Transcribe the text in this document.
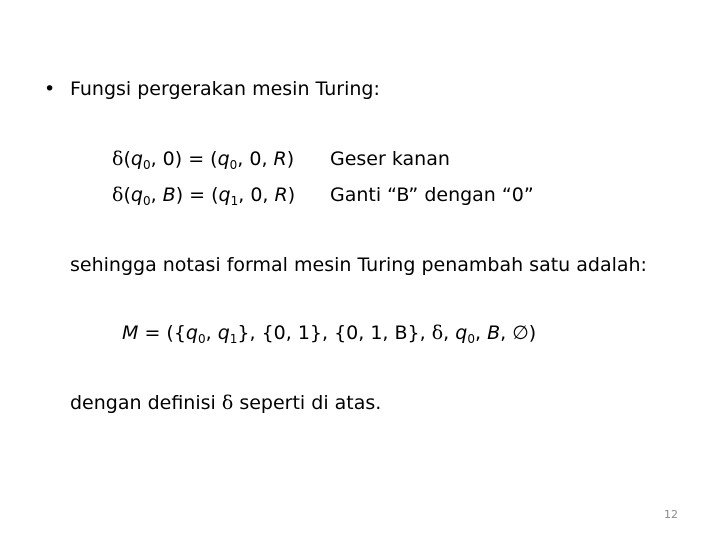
• Fungsi pergerakan mesin Turing:
$\delta(q_0$, $0) = (q_0$, 0, R) Geser kanan
$\delta(q_0$, $B) = (q_1$, 0, R) Ganti “B” dengan “0”
sehingga notasi formal mesin Turing penambah satu adalah:
$M = (\{q_0$, $q_1$}, {0, 1}, {0, 1, B}, δ, $q_0$, B, ∅)
dengan definisi δ seperti di atas.
12
